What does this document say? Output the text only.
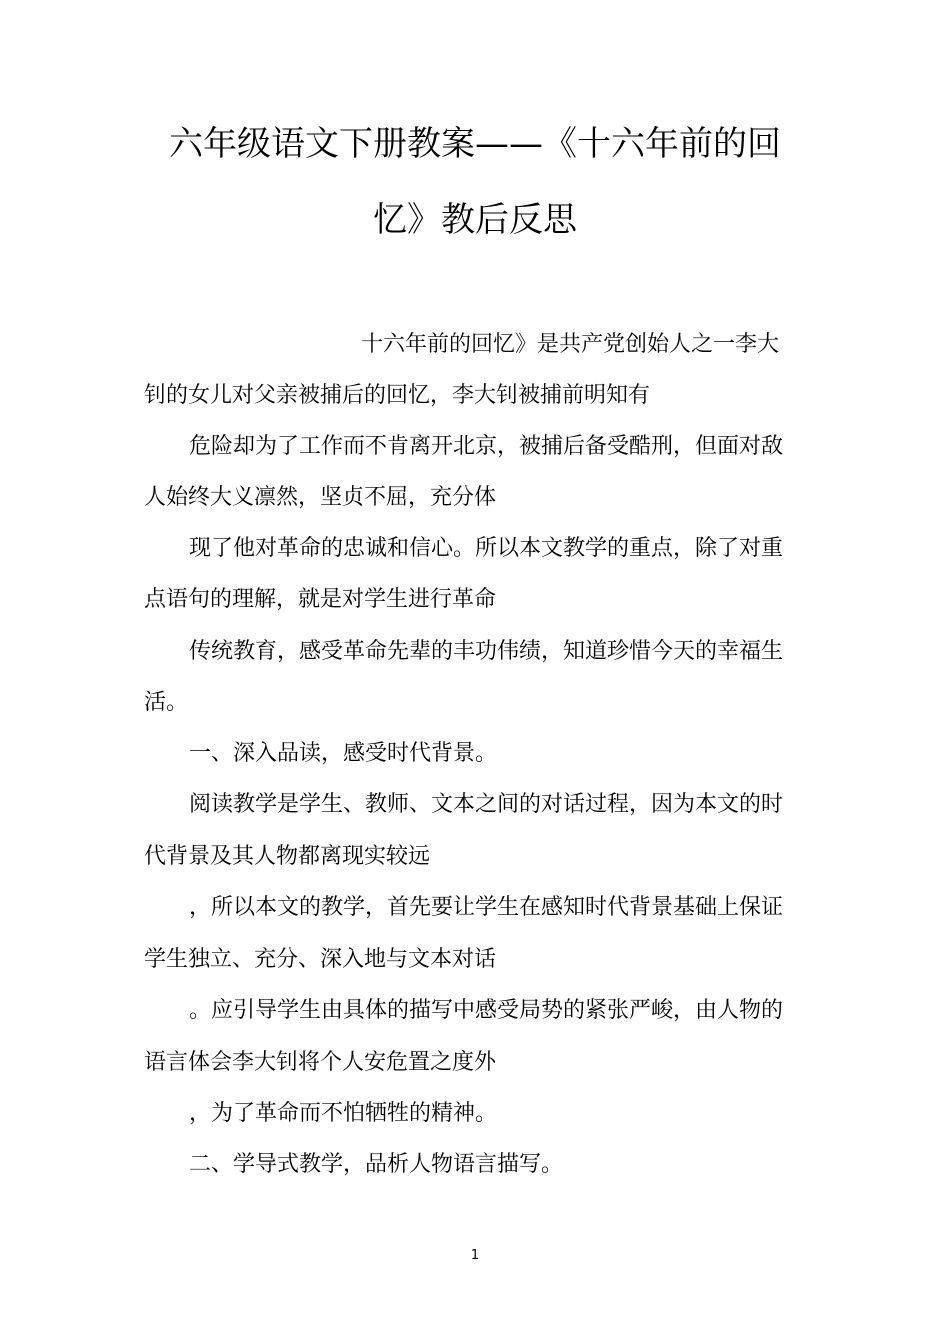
六年级语文下册教案——《十六年前的回
忆》教后反思
十六年前的回忆》是共产党创始人之一李大
钊的女儿对父亲被捕后的回忆，李大钊被捕前明知有
危险却为了工作而不肯离开北京，被捕后备受酷刑，但面对敌
人始终大义凛然，坚贞不屈，充分体
现了他对革命的忠诚和信心。所以本文教学的重点，除了对重
点语句的理解，就是对学生进行革命
传统教育，感受革命先辈的丰功伟绩，知道珍惜今天的幸福生
活。
一、深入品读，感受时代背景。
阅读教学是学生、教师、文本之间的对话过程，因为本文的时
代背景及其人物都离现实较远
，所以本文的教学，首先要让学生在感知时代背景基础上保证
学生独立、充分、深入地与文本对话
。应引导学生由具体的描写中感受局势的紧张严峻，由人物的
语言体会李大钊将个人安危置之度外
，为了革命而不怕牺牲的精神。
二、学导式教学，品析人物语言描写。
1
